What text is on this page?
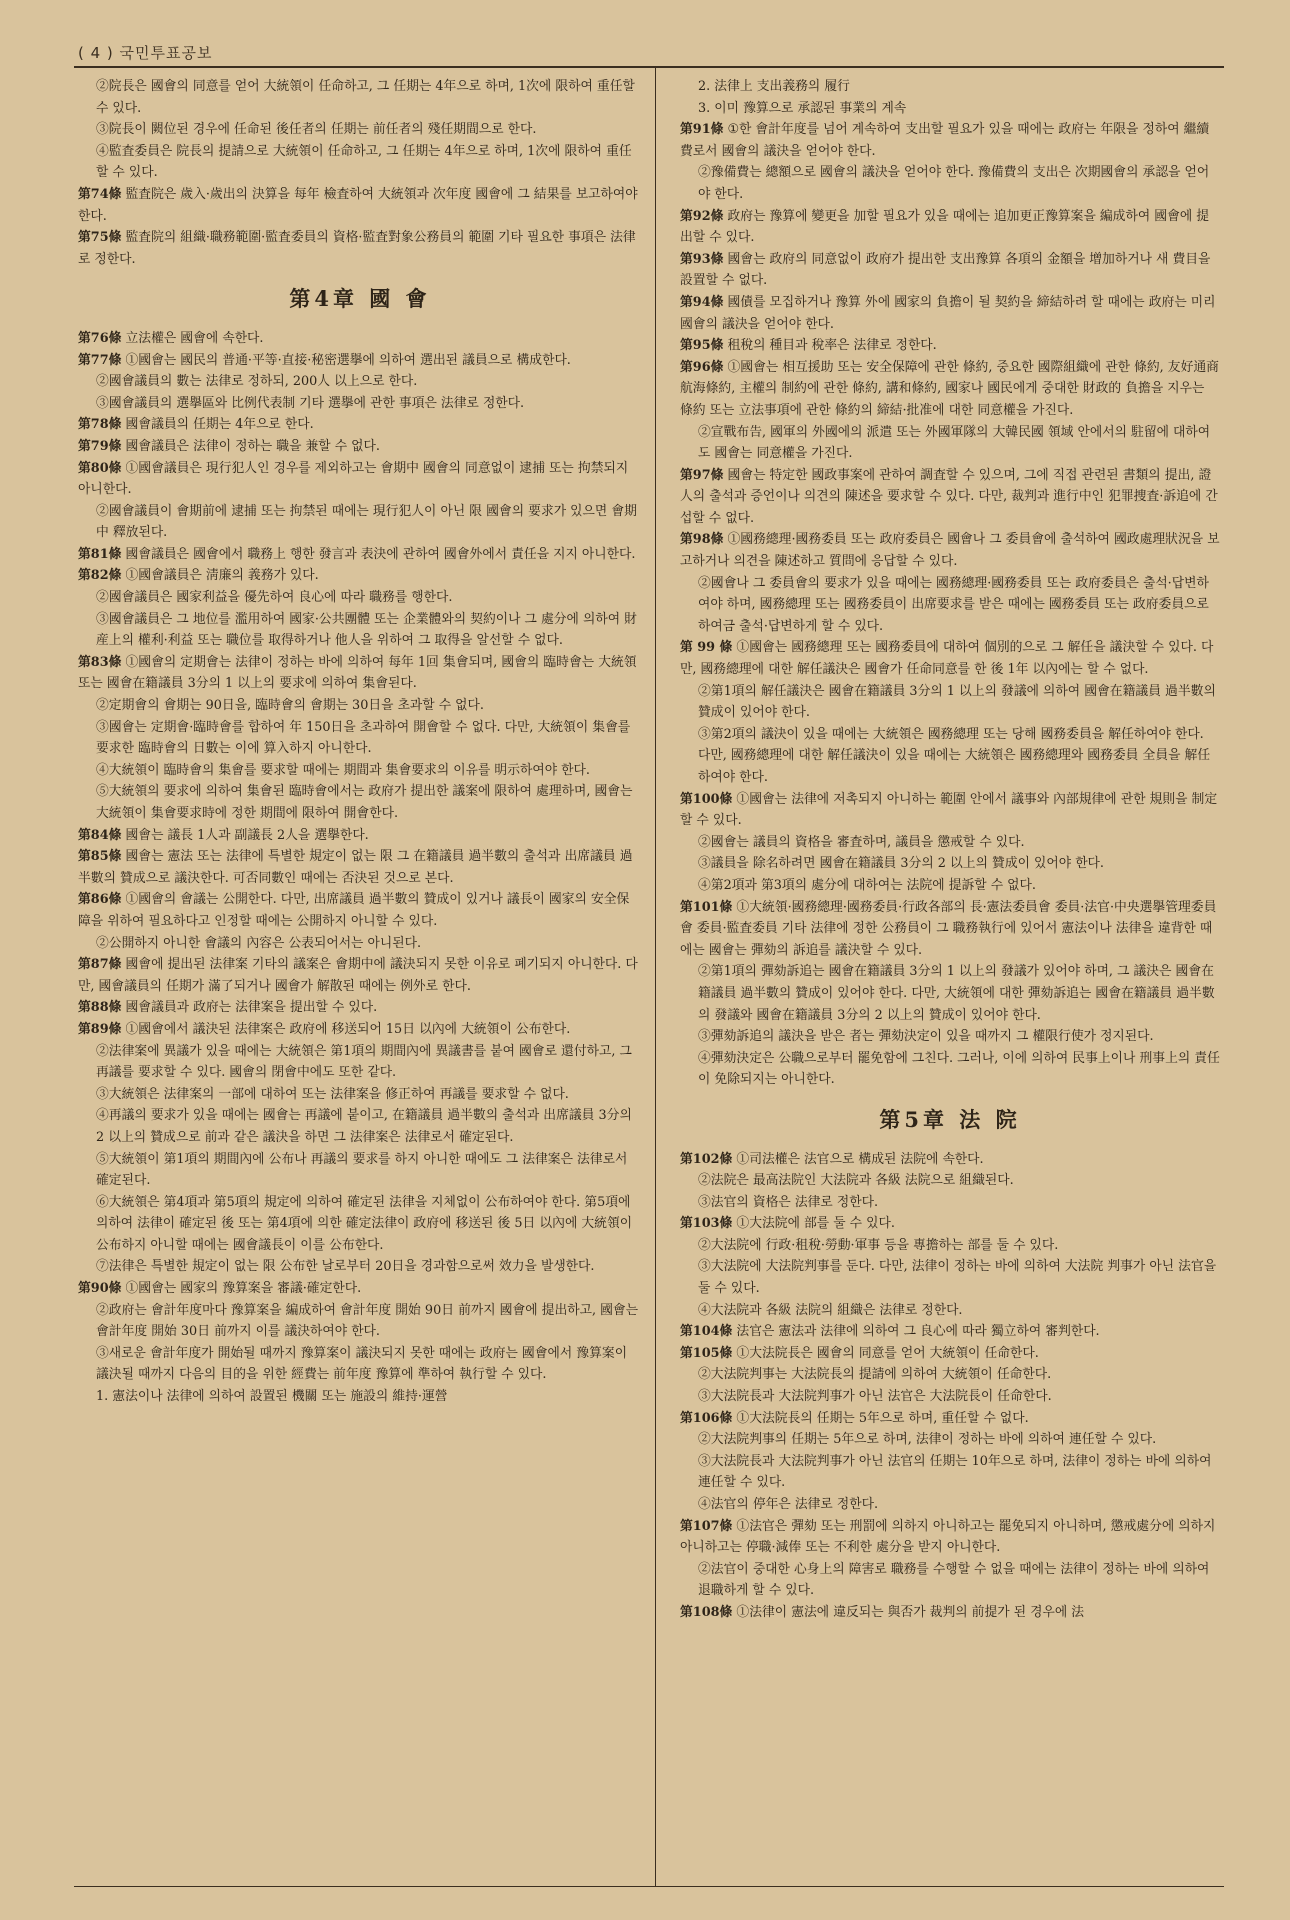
( 4 ) 국민투표공보

②院長은 國會의 同意를 얻어 大統領이 任命하고, 그 任期는 4年으로 하며, 1次에 限하여 重任할 수 있다.

③院長이 闕位된 경우에 任命된 後任者의 任期는 前任者의 殘任期間으로 한다.

④監査委員은 院長의 提請으로 大統領이 任命하고, 그 任期는 4年으로 하며, 1次에 限하여 重任할 수 있다.

第74條 監査院은 歲入·歲出의 決算을 每年 檢査하여 大統領과 次年度 國會에 그 結果를 보고하여야 한다.

第75條 監査院의 組織·職務範圍·監査委員의 資格·監査對象公務員의 範圍 기타 필요한 事項은 法律로 정한다.

第4章 國 會

第76條 立法權은 國會에 속한다.

第77條 ①國會는 國民의 普通·平等·直接·秘密選擧에 의하여 選出된 議員으로 構成한다.

②國會議員의 數는 法律로 정하되, 200人 以上으로 한다.

③國會議員의 選擧區와 比例代表制 기타 選擧에 관한 事項은 法律로 정한다.

第78條 國會議員의 任期는 4年으로 한다.

第79條 國會議員은 法律이 정하는 職을 兼할 수 없다.

第80條 ①國會議員은 現行犯人인 경우를 제외하고는 會期中 國會의 同意없이 逮捕 또는 拘禁되지 아니한다.

②國會議員이 會期前에 逮捕 또는 拘禁된 때에는 現行犯人이 아닌 限 國會의 要求가 있으면 會期中 釋放된다.

第81條 國會議員은 國會에서 職務上 행한 發言과 表決에 관하여 國會外에서 責任을 지지 아니한다.

第82條 ①國會議員은 淸廉의 義務가 있다.

②國會議員은 國家利益을 優先하여 良心에 따라 職務를 행한다.

③國會議員은 그 地位를 濫用하여 國家·公共團體 또는 企業體와의 契約이나 그 處分에 의하여 財産上의 權利·利益 또는 職位를 取得하거나 他人을 위하여 그 取得을 알선할 수 없다.

第83條 ①國會의 定期會는 法律이 정하는 바에 의하여 每年 1回 集會되며, 國會의 臨時會는 大統領 또는 國會在籍議員 3分의 1 以上의 要求에 의하여 集會된다.

②定期會의 會期는 90日을, 臨時會의 會期는 30日을 초과할 수 없다.

③國會는 定期會·臨時會를 합하여 年 150日을 초과하여 開會할 수 없다. 다만, 大統領이 集會를 要求한 臨時會의 日數는 이에 算入하지 아니한다.

④大統領이 臨時會의 集會를 要求할 때에는 期間과 集會要求의 이유를 明示하여야 한다.

⑤大統領의 要求에 의하여 集會된 臨時會에서는 政府가 提出한 議案에 限하여 處理하며, 國會는 大統領이 集會要求時에 정한 期間에 限하여 開會한다.

第84條 國會는 議長 1人과 副議長 2人을 選擧한다.

第85條 國會는 憲法 또는 法律에 특별한 規定이 없는 限 그 在籍議員 過半數의 출석과 出席議員 過半數의 贊成으로 議決한다. 可否同數인 때에는 否決된 것으로 본다.

第86條 ①國會의 會議는 公開한다. 다만, 出席議員 過半數의 贊成이 있거나 議長이 國家의 安全保障을 위하여 필요하다고 인정할 때에는 公開하지 아니할 수 있다.

②公開하지 아니한 會議의 內容은 公表되어서는 아니된다.

第87條 國會에 提出된 法律案 기타의 議案은 會期中에 議決되지 못한 이유로 폐기되지 아니한다. 다만, 國會議員의 任期가 滿了되거나 國會가 解散된 때에는 例外로 한다.

第88條 國會議員과 政府는 法律案을 提出할 수 있다.

第89條 ①國會에서 議決된 法律案은 政府에 移送되어 15日 以內에 大統領이 公布한다.

②法律案에 異議가 있을 때에는 大統領은 第1項의 期間內에 異議書를 붙여 國會로 還付하고, 그 再議를 要求할 수 있다. 國會의 閉會中에도 또한 같다.

③大統領은 法律案의 一部에 대하여 또는 法律案을 修正하여 再議를 要求할 수 없다.

④再議의 要求가 있을 때에는 國會는 再議에 붙이고, 在籍議員 過半數의 출석과 出席議員 3分의 2 以上의 贊成으로 前과 같은 議決을 하면 그 法律案은 法律로서 確定된다.

⑤大統領이 第1項의 期間內에 公布나 再議의 要求를 하지 아니한 때에도 그 法律案은 法律로서 確定된다.

⑥大統領은 第4項과 第5項의 規定에 의하여 確定된 法律을 지체없이 公布하여야 한다. 第5項에 의하여 法律이 確定된 後 또는 第4項에 의한 確定法律이 政府에 移送된 後 5日 以內에 大統領이 公布하지 아니할 때에는 國會議長이 이를 公布한다.

⑦法律은 특별한 規定이 없는 限 公布한 날로부터 20日을 경과함으로써 效力을 발생한다.

第90條 ①國會는 國家의 豫算案을 審議·確定한다.

②政府는 會計年度마다 豫算案을 編成하여 會計年度 開始 90日 前까지 國會에 提出하고, 國會는 會計年度 開始 30日 前까지 이를 議決하여야 한다.

③새로운 會計年度가 開始될 때까지 豫算案이 議決되지 못한 때에는 政府는 國會에서 豫算案이 議決될 때까지 다음의 目的을 위한 經費는 前年度 豫算에 準하여 執行할 수 있다.

1. 憲法이나 法律에 의하여 設置된 機關 또는 施設의 維持·運營

2. 法律上 支出義務의 履行

3. 이미 豫算으로 承認된 事業의 계속

第91條 ①한 會計年度를 넘어 계속하여 支出할 필요가 있을 때에는 政府는 年限을 정하여 繼續費로서 國會의 議決을 얻어야 한다.

②豫備費는 總額으로 國會의 議決을 얻어야 한다. 豫備費의 支出은 次期國會의 承認을 얻어야 한다.

第92條 政府는 豫算에 變更을 加할 필요가 있을 때에는 追加更正豫算案을 編成하여 國會에 提出할 수 있다.

第93條 國會는 政府의 同意없이 政府가 提出한 支出豫算 各項의 金額을 增加하거나 새 費目을 設置할 수 없다.

第94條 國債를 모집하거나 豫算 外에 國家의 負擔이 될 契約을 締結하려 할 때에는 政府는 미리 國會의 議決을 얻어야 한다.

第95條 租稅의 種目과 稅率은 法律로 정한다.

第96條 ①國會는 相互援助 또는 安全保障에 관한 條約, 중요한 國際組織에 관한 條約, 友好通商航海條約, 主權의 制約에 관한 條約, 講和條約, 國家나 國民에게 중대한 財政的 負擔을 지우는 條約 또는 立法事項에 관한 條約의 締結·批准에 대한 同意權을 가진다.

②宣戰布告, 國軍의 外國에의 派遣 또는 外國軍隊의 大韓民國 領域 안에서의 駐留에 대하여도 國會는 同意權을 가진다.

第97條 國會는 特定한 國政事案에 관하여 調査할 수 있으며, 그에 직접 관련된 書類의 提出, 證人의 출석과 증언이나 의견의 陳述을 要求할 수 있다. 다만, 裁判과 進行中인 犯罪捜査·訴追에 간섭할 수 없다.

第98條 ①國務總理·國務委員 또는 政府委員은 國會나 그 委員會에 출석하여 國政處理狀況을 보고하거나 의견을 陳述하고 質問에 응답할 수 있다.

②國會나 그 委員會의 要求가 있을 때에는 國務總理·國務委員 또는 政府委員은 출석·답변하여야 하며, 國務總理 또는 國務委員이 出席要求를 받은 때에는 國務委員 또는 政府委員으로 하여금 출석·답변하게 할 수 있다.

第 99 條 ①國會는 國務總理 또는 國務委員에 대하여 個別的으로 그 解任을 議決할 수 있다. 다만, 國務總理에 대한 解任議決은 國會가 任命同意를 한 後 1年 以內에는 할 수 없다.

②第1項의 解任議決은 國會在籍議員 3分의 1 以上의 發議에 의하여 國會在籍議員 過半數의 贊成이 있어야 한다.

③第2項의 議決이 있을 때에는 大統領은 國務總理 또는 당해 國務委員을 解任하여야 한다. 다만, 國務總理에 대한 解任議決이 있을 때에는 大統領은 國務總理와 國務委員 全員을 解任하여야 한다.

第100條 ①國會는 法律에 저촉되지 아니하는 範圍 안에서 議事와 內部規律에 관한 規則을 制定할 수 있다.

②國會는 議員의 資格을 審査하며, 議員을 懲戒할 수 있다.

③議員을 除名하려면 國會在籍議員 3分의 2 以上의 贊成이 있어야 한다.

④第2項과 第3項의 處分에 대하여는 法院에 提訴할 수 없다.

第101條 ①大統領·國務總理·國務委員·行政各部의 長·憲法委員會 委員·法官·中央選擧管理委員會 委員·監査委員 기타 法律에 정한 公務員이 그 職務執行에 있어서 憲法이나 法律을 違背한 때에는 國會는 彈劾의 訴追를 議決할 수 있다.

②第1項의 彈劾訴追는 國會在籍議員 3分의 1 以上의 發議가 있어야 하며, 그 議決은 國會在籍議員 過半數의 贊成이 있어야 한다. 다만, 大統領에 대한 彈劾訴追는 國會在籍議員 過半數의 發議와 國會在籍議員 3分의 2 以上의 贊成이 있어야 한다.

③彈劾訴追의 議決을 받은 者는 彈劾決定이 있을 때까지 그 權限行使가 정지된다.

④彈劾決定은 公職으로부터 罷免함에 그친다. 그러나, 이에 의하여 民事上이나 刑事上의 責任이 免除되지는 아니한다.

第5章 法 院

第102條 ①司法權은 法官으로 構成된 法院에 속한다.

②法院은 最高法院인 大法院과 各級 法院으로 組織된다.

③法官의 資格은 法律로 정한다.

第103條 ①大法院에 部를 둘 수 있다.

②大法院에 行政·租稅·勞動·軍事 등을 專擔하는 部를 둘 수 있다.

③大法院에 大法院判事를 둔다. 다만, 法律이 정하는 바에 의하여 大法院 判事가 아닌 法官을 둘 수 있다.

④大法院과 各級 法院의 組織은 法律로 정한다.

第104條 法官은 憲法과 法律에 의하여 그 良心에 따라 獨立하여 審判한다.

第105條 ①大法院長은 國會의 同意를 얻어 大統領이 任命한다.

②大法院判事는 大法院長의 提請에 의하여 大統領이 任命한다.

③大法院長과 大法院判事가 아닌 法官은 大法院長이 任命한다.

第106條 ①大法院長의 任期는 5年으로 하며, 重任할 수 없다.

②大法院判事의 任期는 5年으로 하며, 法律이 정하는 바에 의하여 連任할 수 있다.

③大法院長과 大法院判事가 아닌 法官의 任期는 10年으로 하며, 法律이 정하는 바에 의하여 連任할 수 있다.

④法官의 停年은 法律로 정한다.

第107條 ①法官은 彈劾 또는 刑罰에 의하지 아니하고는 罷免되지 아니하며, 懲戒處分에 의하지 아니하고는 停職·減俸 또는 不利한 處分을 받지 아니한다.

②法官이 중대한 心身上의 障害로 職務를 수행할 수 없을 때에는 法律이 정하는 바에 의하여 退職하게 할 수 있다.

第108條 ①法律이 憲法에 違反되는 與否가 裁判의 前提가 된 경우에 法
